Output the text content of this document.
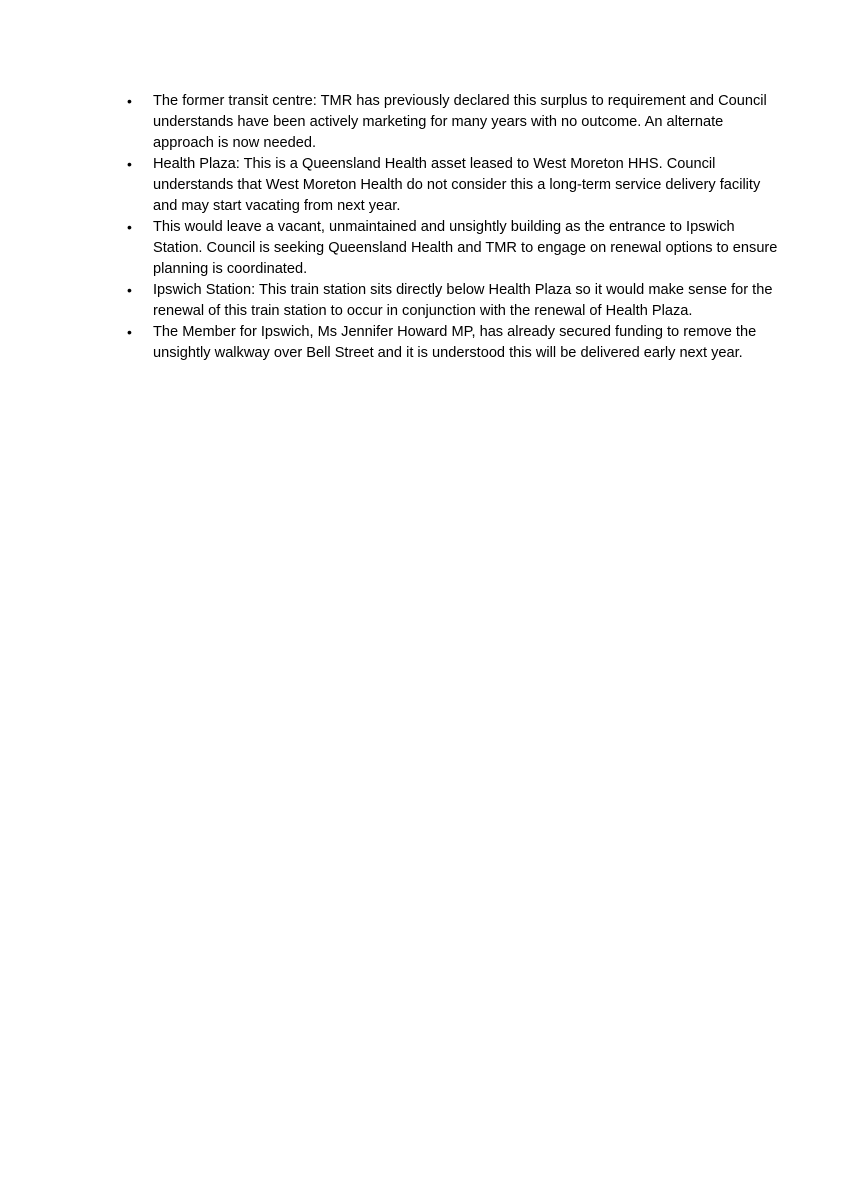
•	The former transit centre: TMR has previously declared this surplus to requirement and Council understands have been actively marketing for many years with no outcome. An alternate approach is now needed.
•	Health Plaza: This is a Queensland Health asset leased to West Moreton HHS. Council understands that West Moreton Health do not consider this a long-term service delivery facility and may start vacating from next year.
•	This would leave a vacant, unmaintained and unsightly building as the entrance to Ipswich Station. Council is seeking Queensland Health and TMR to engage on renewal options to ensure planning is coordinated.
•	Ipswich Station: This train station sits directly below Health Plaza so it would make sense for the renewal of this train station to occur in conjunction with the renewal of Health Plaza.
•	The Member for Ipswich, Ms Jennifer Howard MP, has already secured funding to remove the unsightly walkway over Bell Street and it is understood this will be delivered early next year.
